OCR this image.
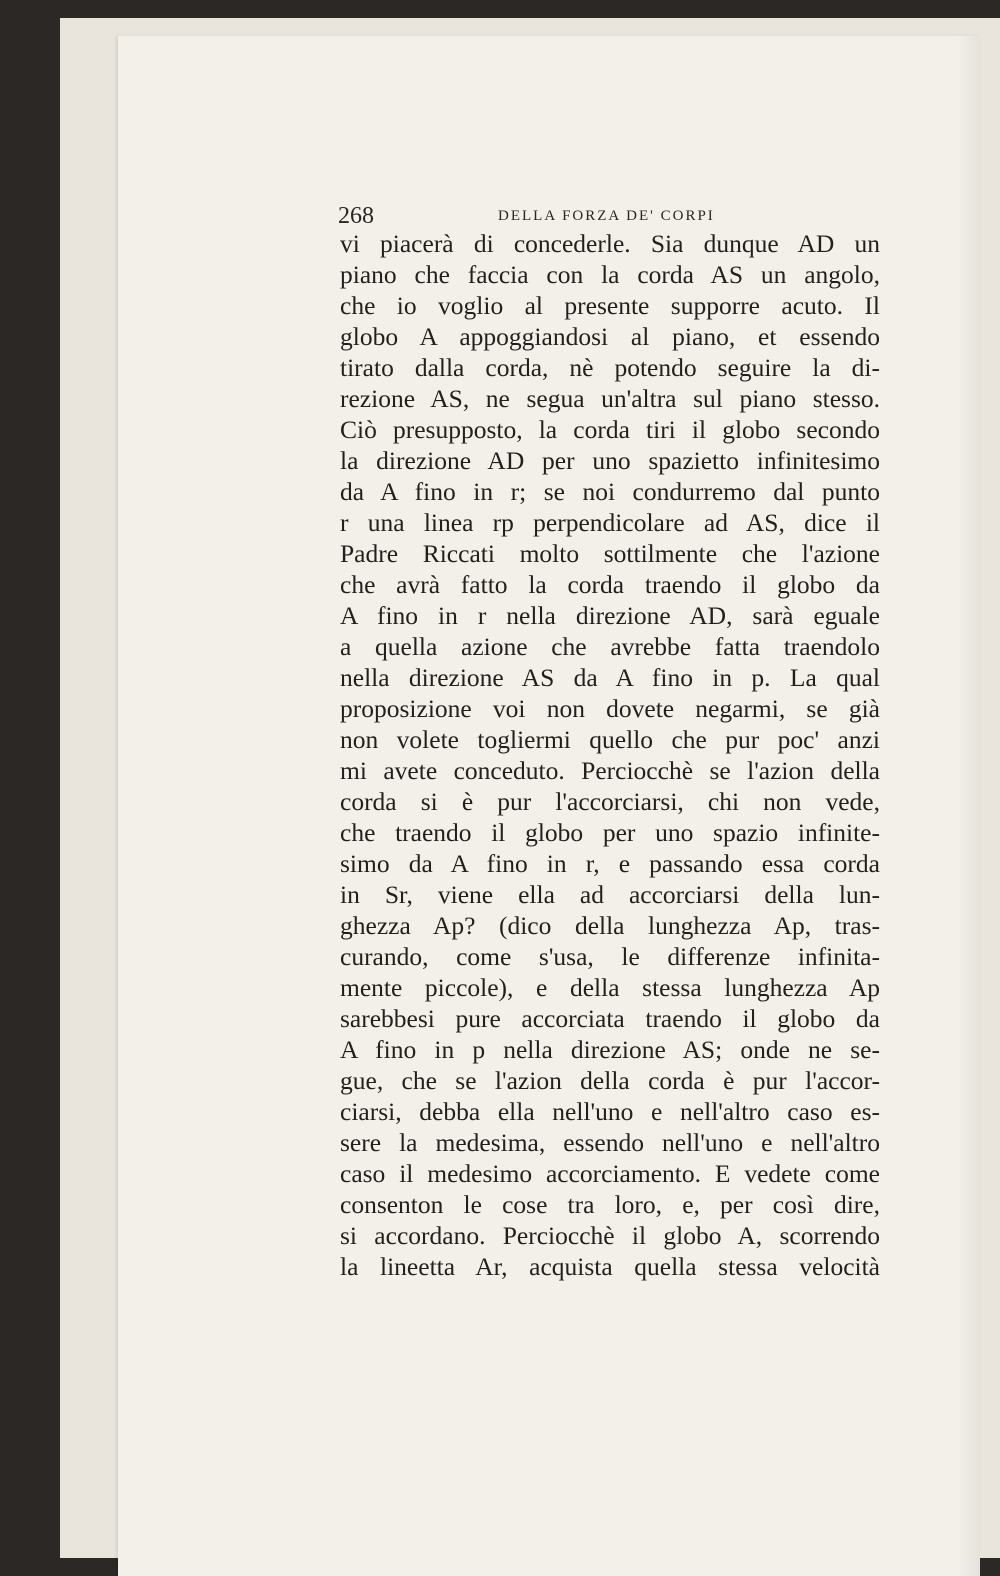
268	DELLA FORZA DE' CORPI
vi piacerà di concederle. Sia dunque AD un
piano che faccia con la corda AS un angolo,
che io voglio al presente supporre acuto. Il
globo A appoggiandosi al piano, et essendo
tirato dalla corda, nè potendo seguire la di-
rezione AS, ne segua un'altra sul piano stesso.
Ciò presupposto, la corda tiri il globo secondo
la direzione AD per uno spazietto infinitesimo
da A fino in r; se noi condurremo dal punto
r una linea rp perpendicolare ad AS, dice il
Padre Riccati molto sottilmente che l'azione
che avrà fatto la corda traendo il globo da
A fino in r nella direzione AD, sarà eguale
a quella azione che avrebbe fatta traendolo
nella direzione AS da A fino in p. La qual
proposizione voi non dovete negarmi, se già
non volete togliermi quello che pur poc' anzi
mi avete conceduto. Perciocchè se l'azion della
corda si è pur l'accorciarsi, chi non vede,
che traendo il globo per uno spazio infinite-
simo da A fino in r, e passando essa corda
in Sr, viene ella ad accorciarsi della lun-
ghezza Ap? (dico della lunghezza Ap, tras-
curando, come s'usa, le differenze infinita-
mente piccole), e della stessa lunghezza Ap
sarebbesi pure accorciata traendo il globo da
A fino in p nella direzione AS; onde ne se-
gue, che se l'azion della corda è pur l'accor-
ciarsi, debba ella nell'uno e nell'altro caso es-
sere la medesima, essendo nell'uno e nell'altro
caso il medesimo accorciamento. E vedete come
consenton le cose tra loro, e, per così dire,
si accordano. Perciocchè il globo A, scorrendo
la lineetta Ar, acquista quella stessa velocità
